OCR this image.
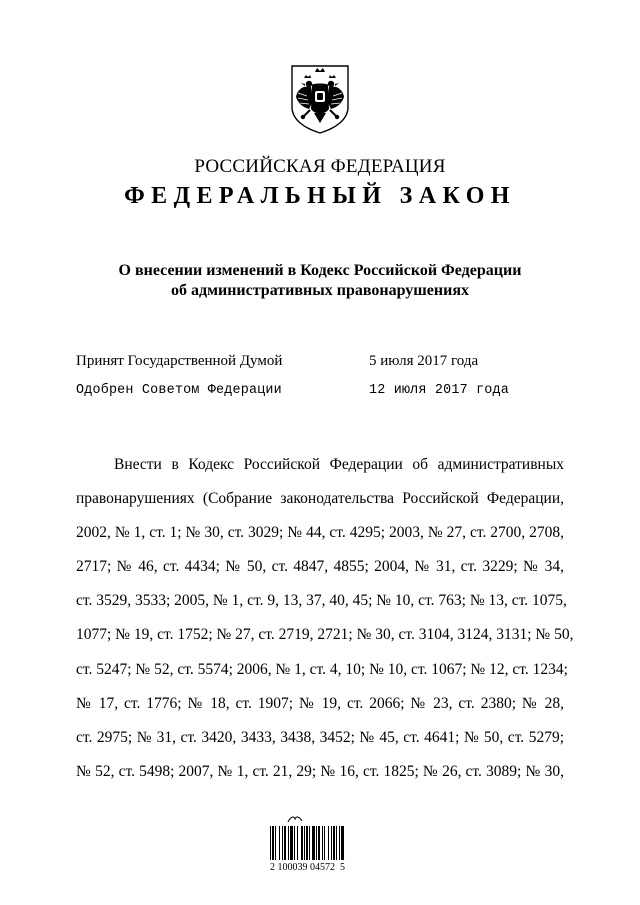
РОССИЙСКАЯ ФЕДЕРАЦИЯ
ФЕДЕРАЛЬНЫЙ ЗАКОН
О внесении изменений в Кодекс Российской Федерации
об административных правонарушениях
Принят Государственной Думой	5 июля 2017 года
Одобрен Советом Федерации	12 июля 2017 года
Внести в Кодекс Российской Федерации об административных
правонарушениях (Собрание законодательства Российской Федерации,
2002, № 1, ст. 1; № 30, ст. 3029; № 44, ст. 4295; 2003, № 27, ст. 2700, 2708,
2717; № 46, ст. 4434; № 50, ст. 4847, 4855; 2004, № 31, ст. 3229; № 34,
ст. 3529, 3533; 2005, № 1, ст. 9, 13, 37, 40, 45; № 10, ст. 763; № 13, ст. 1075,
1077; № 19, ст. 1752; № 27, ст. 2719, 2721; № 30, ст. 3104, 3124, 3131; № 50,
ст. 5247; № 52, ст. 5574; 2006, № 1, ст. 4, 10; № 10, ст. 1067; № 12, ст. 1234;
№ 17, ст. 1776; № 18, ст. 1907; № 19, ст. 2066; № 23, ст. 2380; № 28,
ст. 2975; № 31, ст. 3420, 3433, 3438, 3452; № 45, ст. 4641; № 50, ст. 5279;
№ 52, ст. 5498; 2007, № 1, ст. 21, 29; № 16, ст. 1825; № 26, ст. 3089; № 30,
2 100039 04572  5
